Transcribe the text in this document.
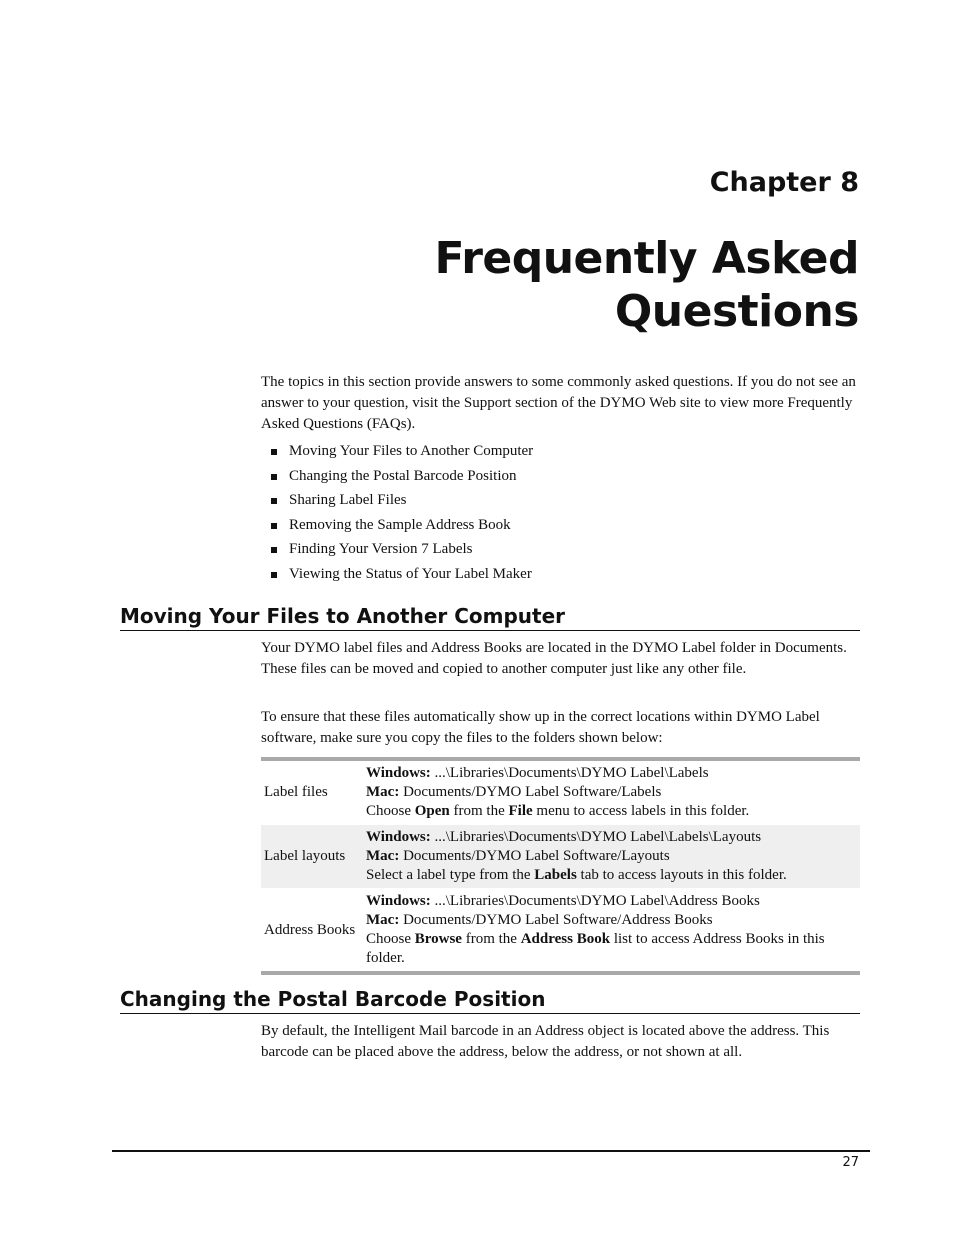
Chapter 8
Frequently Asked
Questions

The topics in this section provide answers to some commonly asked questions. If you do not see an answer to your question, visit the Support section of the DYMO Web site to view more Frequently Asked Questions (FAQs).

Moving Your Files to Another Computer
Changing the Postal Barcode Position
Sharing Label Files
Removing the Sample Address Book
Finding Your Version 7 Labels
Viewing the Status of Your Label Maker
Moving Your Files to Another Computer

Your DYMO label files and Address Books are located in the DYMO Label folder in Documents. These files can be moved and copied to another computer just like any other file.

To ensure that these files automatically show up in the correct locations within DYMO Label software, make sure you copy the files to the folders shown below:

Label files	Windows: ...\Libraries\Documents\DYMO Label\Labels
Mac: Documents/DYMO Label Software/Labels
Choose Open from the File menu to access labels in this folder.

Label layouts	Windows: ...\Libraries\Documents\DYMO Label\Labels\Layouts
Mac: Documents/DYMO Label Software/Layouts
Select a label type from the Labels tab to access layouts in this folder.

Address Books	Windows: ...\Libraries\Documents\DYMO Label\Address Books
Mac: Documents/DYMO Label Software/Address Books
Choose Browse from the Address Book list to access Address Books in this folder.
Changing the Postal Barcode Position

By default, the Intelligent Mail barcode in an Address object is located above the address. This barcode can be placed above the address, below the address, or not shown at all.

27
